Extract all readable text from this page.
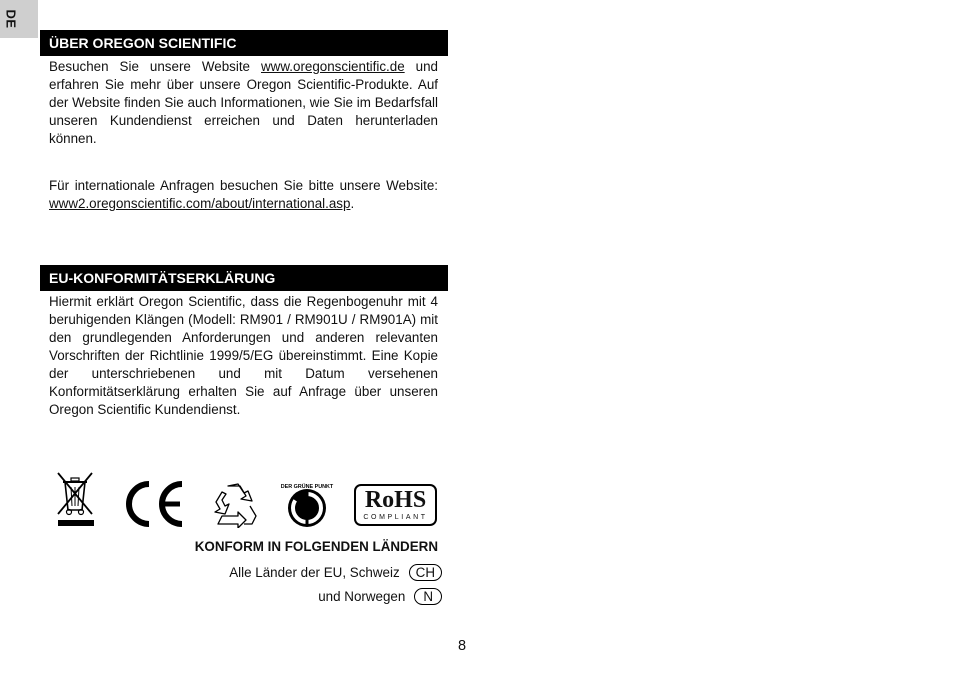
DE
ÜBER OREGON SCIENTIFIC

Besuchen Sie unsere Website www.oregonscientific.de und erfahren Sie mehr über unsere Oregon Scientific-Produkte. Auf der Website finden Sie auch Informationen, wie Sie im Bedarfsfall unseren Kundendienst erreichen und Daten herunterladen können.

Für internationale Anfragen besuchen Sie bitte unsere Website: www2.oregonscientific.com/about/international.asp.

EU-KONFORMITÄTSERKLÄRUNG

Hiermit erklärt Oregon Scientific, dass die Regenbogenuhr mit 4 beruhigenden Klängen (Modell: RM901 / RM901U / RM901A) mit den grundlegenden Anforderungen und anderen relevanten Vorschriften der Richtlinie 1999/5/EG übereinstimmt. Eine Kopie der unterschriebenen und mit Datum versehenen Konformitätserklärung erhalten Sie auf Anfrage über unseren Oregon Scientific Kundendienst.

DER GRÜNE PUNKT	RoHS
COMPLIANT
KONFORM IN FOLGENDEN LÄNDERN
Alle Länder der EU, Schweiz CH
und Norwegen N
8
